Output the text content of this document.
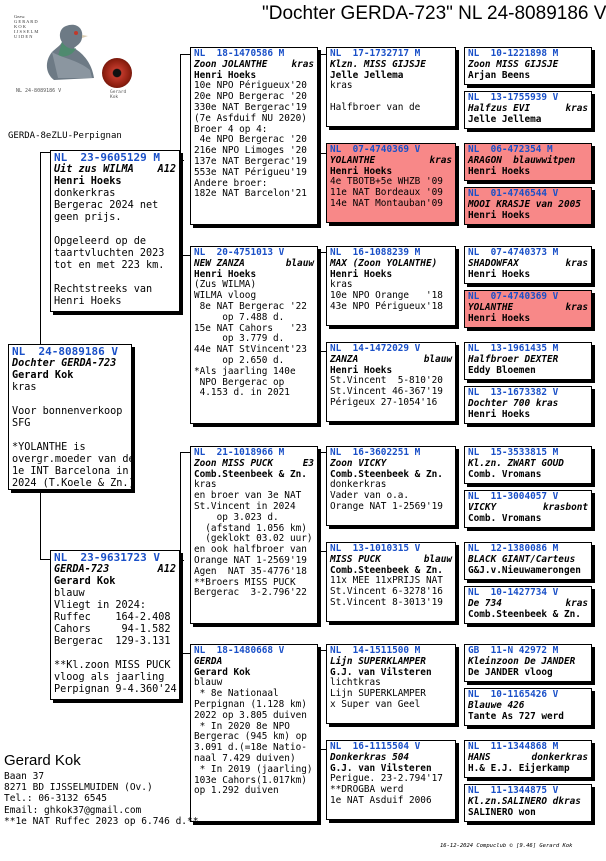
"Dochter GERDA-723" NL 24-8089186 V
Gezw.
G E R A R D
K O K
I J S S E L M U I D E N
NL 24-8089186 V	Gerard Kok
GERDA-8eZLU-Perpignan
NL  24-8089186 V
Dochter GERDA-723
Gerard Kok
kras

Voor bonnenverkoop
SFG

*YOLANTHE is
overgr.moeder van de
1e INT Barcelona in
2024 (T.Koele & Zn.)
NL  23-9605129 M
Uit zus WILMA A12
Henri Hoeks
donkerkras
Bergerac 2024 net
geen prijs.

Opgeleerd op de
taartvluchten 2023
tot en met 223 km.

Rechtstreeks van
Henri Hoeks
NL  23-9631723 V
GERDA-723	A12
Gerard Kok
blauw
Vliegt in 2024:
Ruffec    164-2.408
Cahors     94-1.582
Bergerac  129-3.131

**Kl.zoon MISS PUCK
vloog als jaarling
Perpignan 9-4.360'24
NL  18-1470586 M
Zoon JOLANTHE	kras
Henri Hoeks
10e NPO Périgueux'20
20e NPO Bergerac '20
330e NAT Bergerac'19
(7e Asfduif NU 2020)
Broer 4 op 4:
4e NPO Bergerac '20
216e NPO Limoges '20
137e NAT Bergerac'19
553e NAT Périgueu'19
Andere broer:
182e NAT Barcelon'21
NL  20-4751013 V
NEW ZANZA	blauw
Henri Hoeks
(Zus WILMA)
WILMA vloog
8e NAT Bergerac '22
op 7.488 d.
15e NAT Cahors   '23
op 3.779 d.
44e NAT StVincent'23
op 2.650 d.
*Als jaarling 140e
NPO Bergerac op
4.153 d. in 2021
NL  21-1018966 M
Zoon MISS PUCK	E3
Comb.Steenbeek & Zn.
kras
en broer van 3e NAT
St.Vincent in 2024
op 3.023 d.
(afstand 1.056 km)
(geklokt 03.02 uur)
en ook halfbroer van
Orange NAT 1-2569'19
Agen  NAT 35-4776'18
**Broers MISS PUCK
Bergerac  3-2.796'22
NL  18-1480668 V
GERDA

Gerard Kok
blauw
* 8e Nationaal
Perpignan (1.128 km)
2022 op 3.805 duiven
* In 2020 8e NPO
Bergerac (945 km) op
3.091 d.(=18e Natio-
naal 7.429 duiven)
* In 2019 (jaarling)
103e Cahors(1.017km)
op 1.292 duiven
NL  17-1732717 M
Klzn. MISS GIJSJE

Jelle Jellema
kras

Halfbroer van de
NL  07-4740369 V
YOLANTHE	kras
Henri Hoeks
4e TBOTB+5e WHZB '09
11e NAT Bordeaux '09
14e NAT Montauban'09
NL  16-1088239 M
MAX (Zoon YOLANTHE)

Henri Hoeks
kras
10e NPO Orange   '18
43e NPO Périgueux'18
NL  14-1472029 V
ZANZA	blauw
Henri Hoeks
St.Vincent  5-810'20
St.Vincent 46-367'19
Périgeux 27-1054'16
NL  16-3602251 M
Zoon VICKY

Comb.Steenbeek & Zn.
donkerkras
Vader van o.a.
Orange NAT 1-2569'19
NL  13-1010315 V
MISS PUCK	blauw
Comb.Steenbeek & Zn.
11x MEE 11xPRIJS NAT
St.Vincent 6-3278'16
St.Vincent 8-3013'19
NL  14-1511500 M
Lijn SUPERKLAMPER

G.J. van Vilsteren
lichtkras
Lijn SUPERKLAMPER
x Super van Geel
NL  16-1115504 V
Donkerkras 504

G.J. van Vilsteren
Perigue. 23-2.794'17
**DROGBA werd
1e NAT Asduif 2006
NL  10-1221898 M
Zoon MISS GIJSJE

Arjan Beens
NL  13-1755939 V
Halfzus EVI	kras
Jelle Jellema
NL  06-472354 M
ARAGON  blauwwitpen

Henri Hoeks
NL  01-4746544 V
MOOI KRASJE van 2005

Henri Hoeks
NL  07-4740373 M
SHADOWFAX	kras
Henri Hoeks
NL  07-4740369 V
YOLANTHE	kras
Henri Hoeks
NL  13-1961435 M
Halfbroer DEXTER

Eddy Bloemen
NL  13-1673382 V
Dochter 700 kras

Henri Hoeks
NL  15-3533815 M
Kl.zn. ZWART GOUD

Comb. Vromans
NL  11-3004057 V
VICKY	krasbont
Comb. Vromans
NL  12-1380086 M
BLACK GIANT/Carteus

G&J.v.Nieuwamerongen
NL  10-1427734 V
De 734	kras
Comb.Steenbeek & Zn.
GB  11-N 42972 M
Kleinzoon De JANDER

De JANDER vloog
NL  10-1165426 V
Blauwe 426

Tante As 727 werd
NL  11-1344868 M
HANS	donkerkras
H.& E.J. Eijerkamp
NL  11-1344875 V
Kl.zn.SALINERO dkras

SALINERO won
Gerard Kok
Baan 37
8271 BD IJSSELMUIDEN (Ov.)
Tel.: 06-3132 6545
Email: ghkok37@gmail.com
**1e NAT Ruffec 2023 op 6.746 d.**
16-12-2024 Compuclub © [9.46] Gerard Kok
